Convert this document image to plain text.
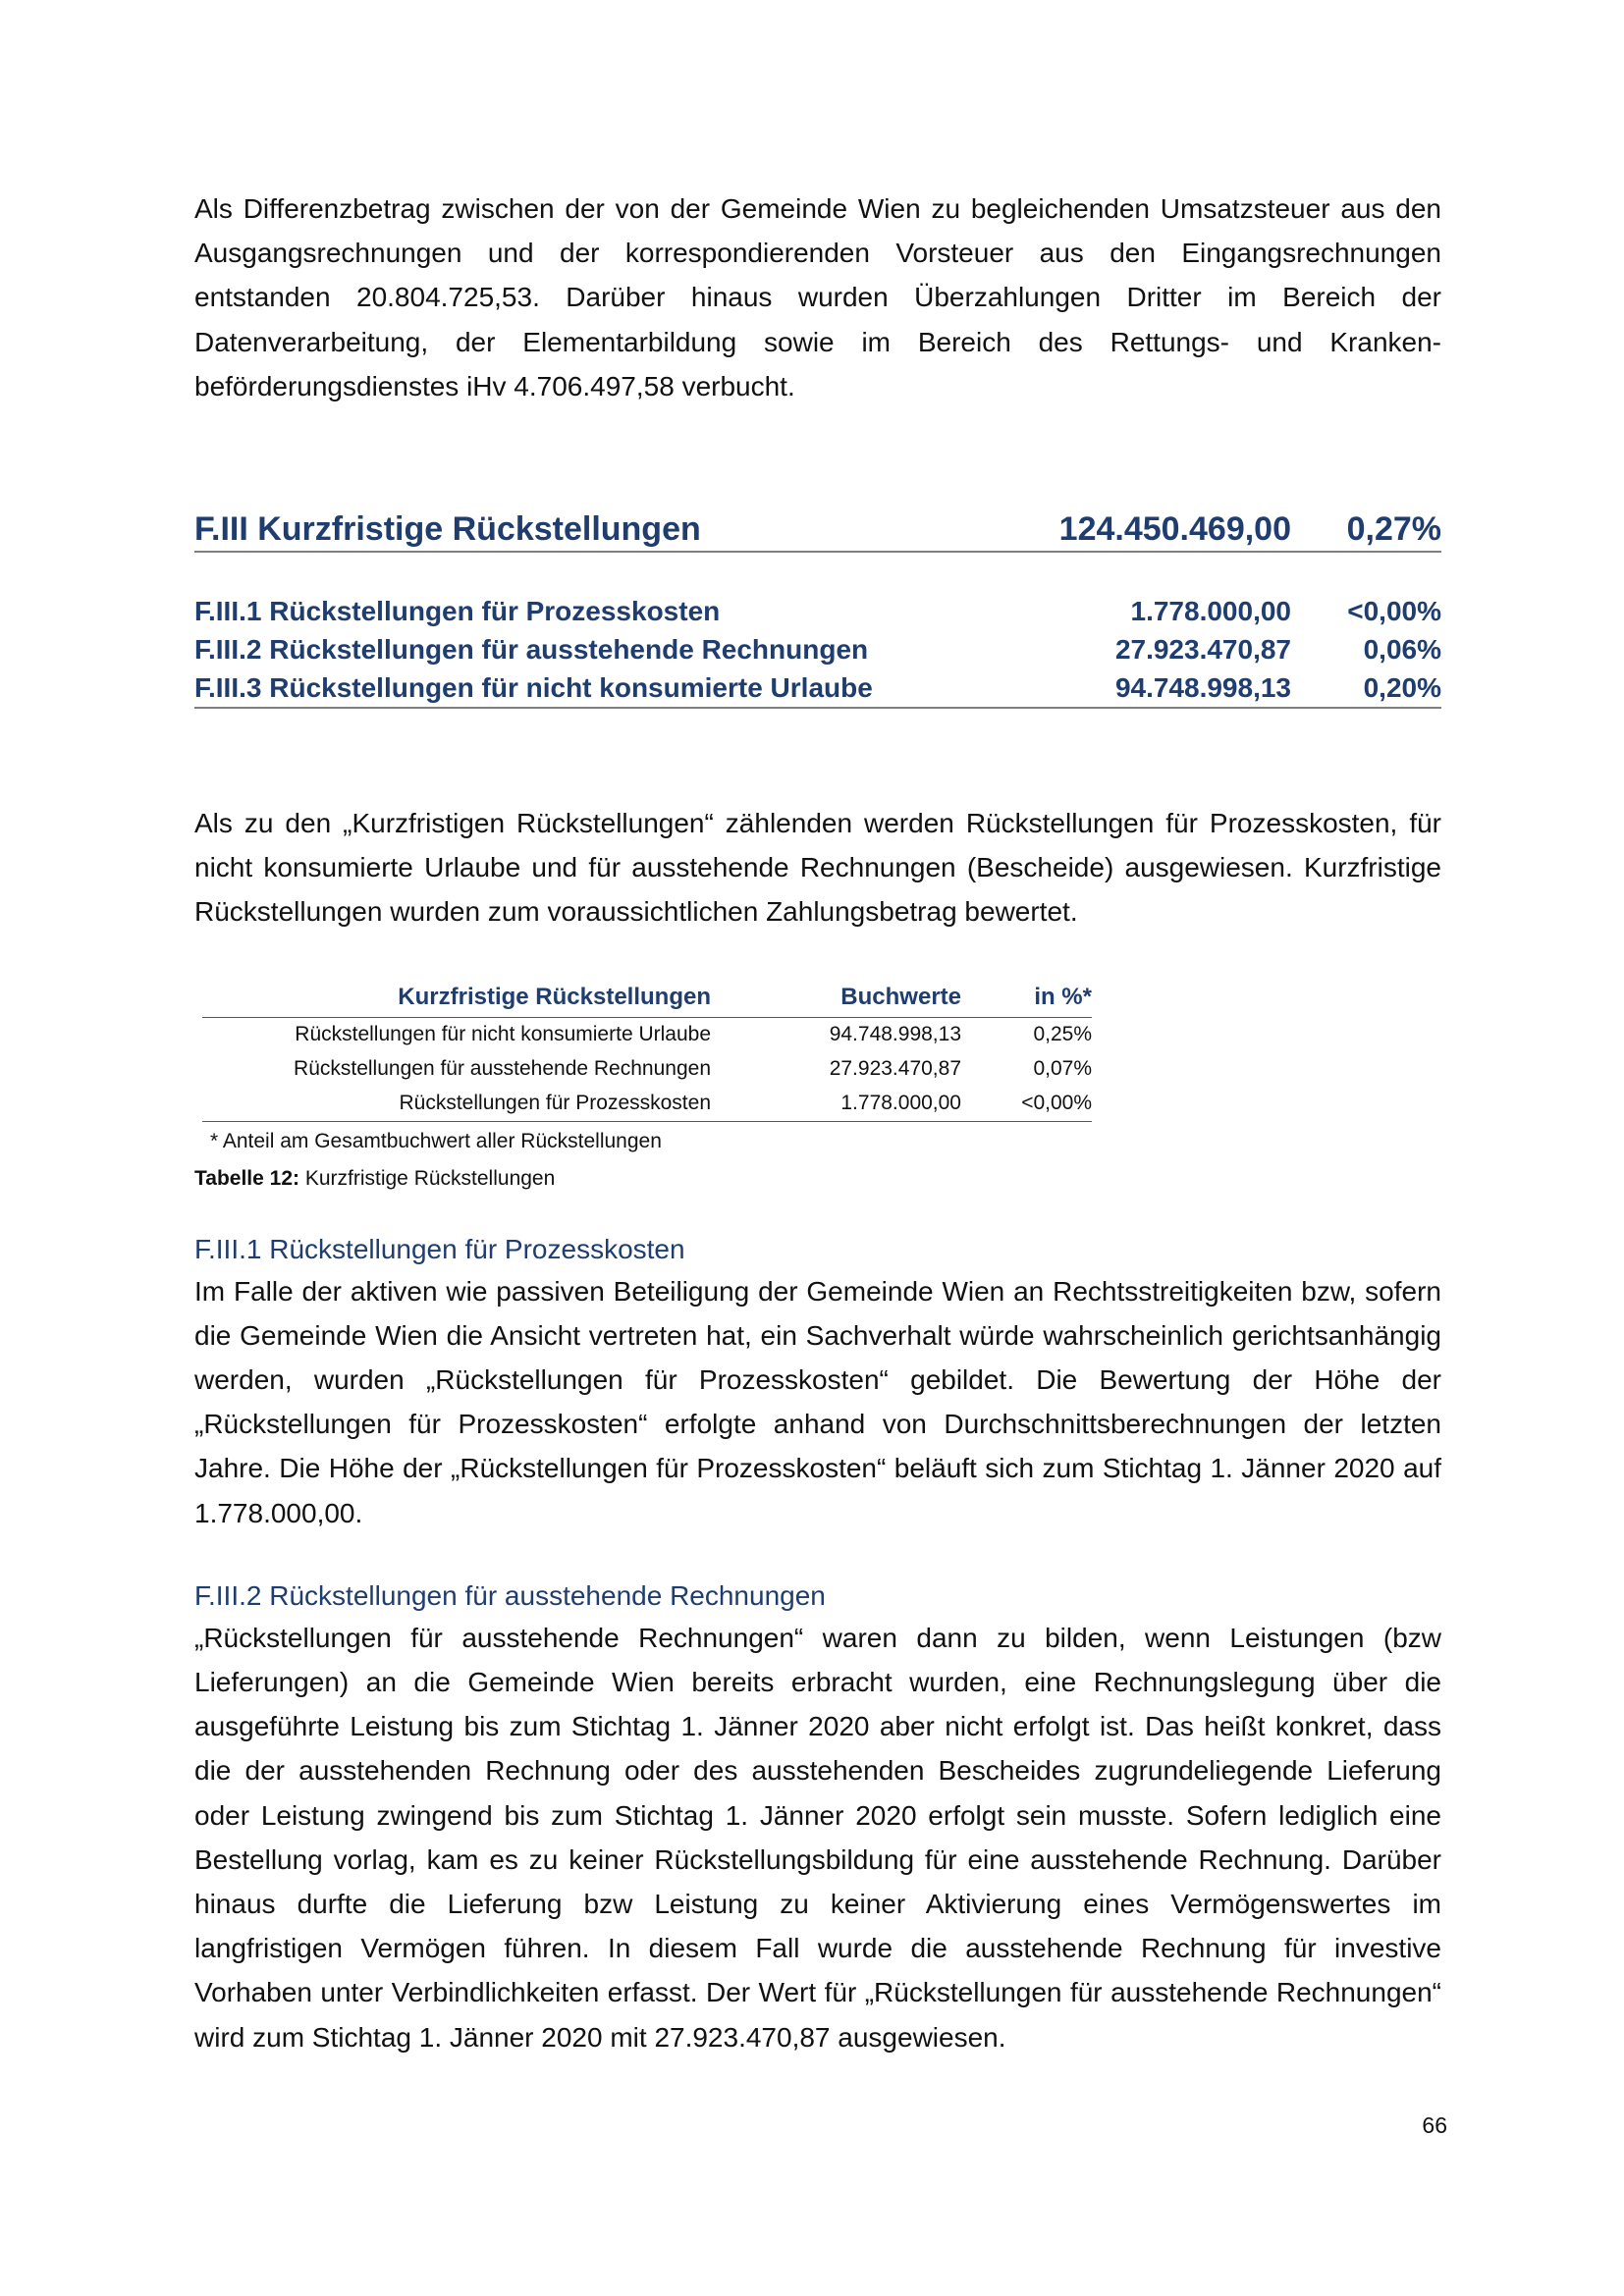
Als Differenzbetrag zwischen der von der Gemeinde Wien zu begleichenden Umsatzsteuer aus den Ausgangsrechnungen und der korrespondierenden Vorsteuer aus den Eingangsrechnungen entstanden 20.804.725,53. Darüber hinaus wurden Überzahlungen Dritter im Bereich der Datenverarbeitung, der Elementarbildung sowie im Bereich des Rettungs- und Krankenbeförderungsdienstes iHv 4.706.497,58 verbucht.

F.III Kurzfristige Rückstellungen	124.450.469,00	0,27%
F.III.1 Rückstellungen für Prozesskosten	1.778.000,00	<0,00%
F.III.2 Rückstellungen für ausstehende Rechnungen	27.923.470,87	0,06%
F.III.3 Rückstellungen für nicht konsumierte Urlaube	94.748.998,13	0,20%

Als zu den „Kurzfristigen Rückstellungen“ zählenden werden Rückstellungen für Prozesskosten, für nicht konsumierte Urlaube und für ausstehende Rechnungen (Bescheide) ausgewiesen. Kurzfristige Rückstellungen wurden zum voraussichtlichen Zahlungsbetrag bewertet.

Kurzfristige Rückstellungen	Buchwerte	in %*
Rückstellungen für nicht konsumierte Urlaube	94.748.998,13	0,25%
Rückstellungen für ausstehende Rechnungen	27.923.470,87	0,07%
Rückstellungen für Prozesskosten	1.778.000,00	<0,00%
* Anteil am Gesamtbuchwert aller Rückstellungen
Tabelle 12: Kurzfristige Rückstellungen
F.III.1 Rückstellungen für Prozesskosten

Im Falle der aktiven wie passiven Beteiligung der Gemeinde Wien an Rechtsstreitigkeiten bzw, sofern die Gemeinde Wien die Ansicht vertreten hat, ein Sachverhalt würde wahrscheinlich gerichtsanhängig werden, wurden „Rückstellungen für Prozesskosten“ gebildet. Die Bewertung der Höhe der „Rückstellungen für Prozesskosten“ erfolgte anhand von Durchschnittsberechnungen der letzten Jahre. Die Höhe der „Rückstellungen für Prozesskosten“ beläuft sich zum Stichtag 1. Jänner 2020 auf 1.778.000,00.

F.III.2 Rückstellungen für ausstehende Rechnungen

„Rückstellungen für ausstehende Rechnungen“ waren dann zu bilden, wenn Leistungen (bzw Lieferungen) an die Gemeinde Wien bereits erbracht wurden, eine Rechnungslegung über die ausgeführte Leistung bis zum Stichtag 1. Jänner 2020 aber nicht erfolgt ist. Das heißt konkret, dass die der ausstehenden Rechnung oder des ausstehenden Bescheides zugrundeliegende Lieferung oder Leistung zwingend bis zum Stichtag 1. Jänner 2020 erfolgt sein musste. Sofern lediglich eine Bestellung vorlag, kam es zu keiner Rückstellungsbildung für eine ausstehende Rechnung. Darüber hinaus durfte die Lieferung bzw Leistung zu keiner Aktivierung eines Vermögenswertes im langfristigen Vermögen führen. In diesem Fall wurde die ausstehende Rechnung für investive Vorhaben unter Verbindlichkeiten erfasst. Der Wert für „Rückstellungen für ausstehende Rechnungen“ wird zum Stichtag 1. Jänner 2020 mit 27.923.470,87 ausgewiesen.

66
